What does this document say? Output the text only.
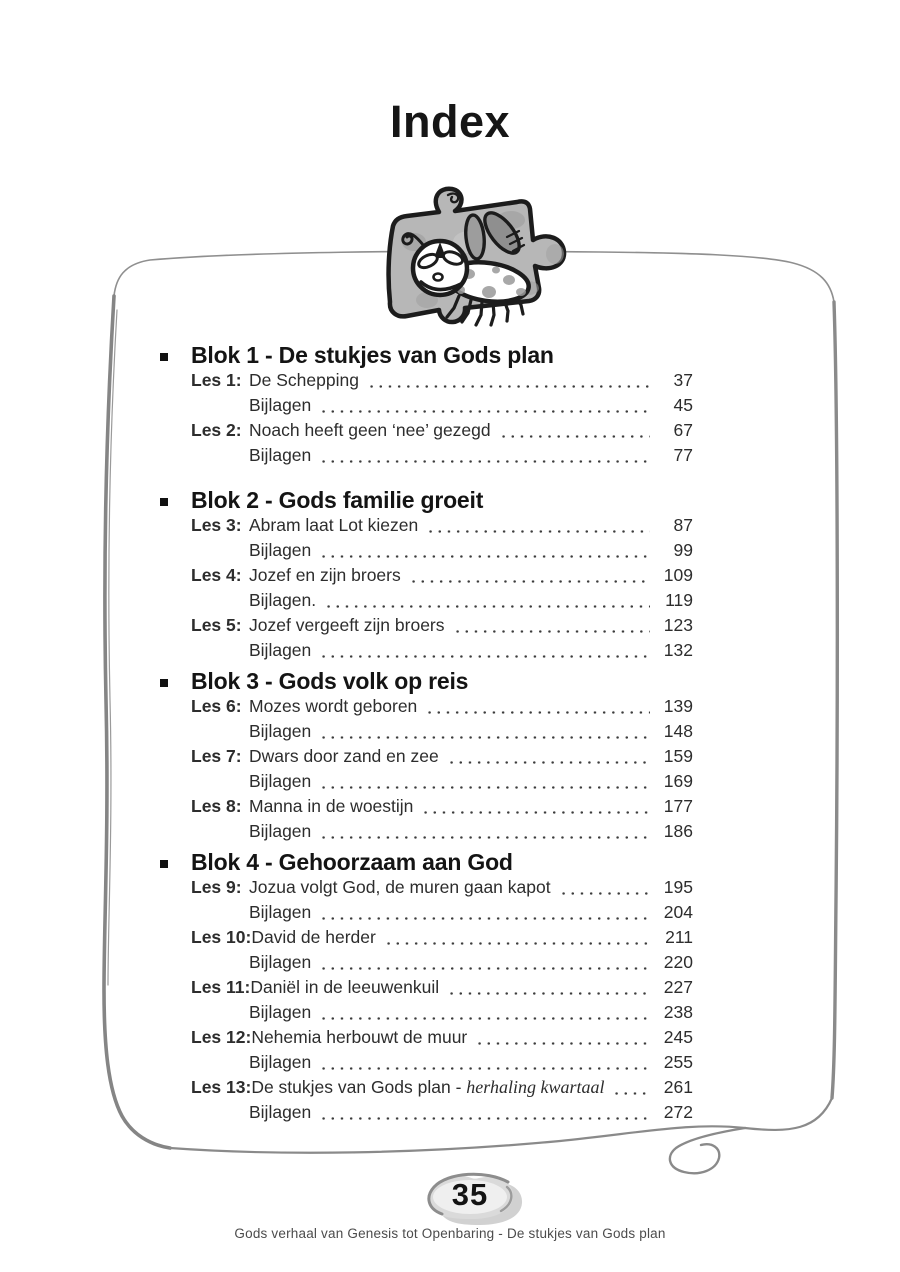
Index
Blok 1 - De stukjes van Gods plan
Les 1: De Schepping	37
Bijlagen	45
Les 2: Noach heeft geen ‘nee’ gezegd	67
Bijlagen	77
Blok 2 - Gods familie groeit
Les 3: Abram laat Lot kiezen	87
Bijlagen	99
Les 4: Jozef en zijn broers	109
Bijlagen.	119
Les 5: Jozef vergeeft zijn broers	123
Bijlagen	132
Blok 3 - Gods volk op reis
Les 6: Mozes wordt geboren	139
Bijlagen	148
Les 7: Dwars door zand en zee	159
Bijlagen	169
Les 8: Manna in de woestijn	177
Bijlagen	186
Blok 4 - Gehoorzaam aan God
Les 9: Jozua volgt God, de muren gaan kapot	195
Bijlagen	204
Les 10: David de herder	211
Bijlagen	220
Les 11: Daniël in de leeuwenkuil	227
Bijlagen	238
Les 12: Nehemia herbouwt de muur	245
Bijlagen	255
Les 13: De stukjes van Gods plan - herhaling kwartaal	261
Bijlagen	272
35
Gods verhaal van Genesis tot Openbaring - De stukjes van Gods plan
